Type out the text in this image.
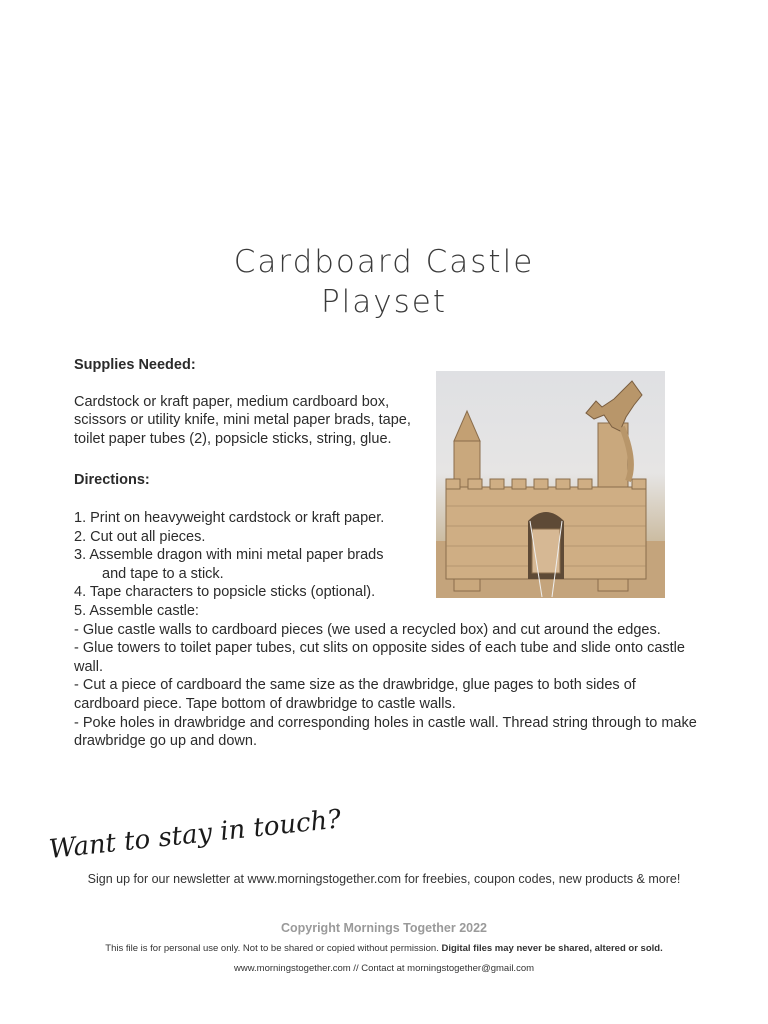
Cardboard Castle
Playset

Supplies Needed:

Cardstock or kraft paper, medium cardboard box, scissors or utility knife, mini metal paper brads, tape, toilet paper tubes (2), popsicle sticks, string, glue.

Directions:

1. Print on heavyweight cardstock or kraft paper.
2. Cut out all pieces.
3. Assemble dragon with mini metal paper brads
and tape to a stick.
4. Tape characters to popsicle sticks (optional).
5. Assemble castle:
- Glue castle walls to cardboard pieces (we used a recycled box) and cut around the edges.
- Glue towers to toilet paper tubes, cut slits on opposite sides of each tube and slide onto castle wall.
- Cut a piece of cardboard the same size as the drawbridge, glue pages to both sides of cardboard piece. Tape bottom of drawbridge to castle walls.
- Poke holes in drawbridge and corresponding holes in castle wall. Thread string through to make drawbridge go up and down.
Want to stay in touch?
Sign up for our newsletter at www.morningstogether.com for freebies, coupon codes, new products & more!
Copyright Mornings Together 2022
This file is for personal use only. Not to be shared or copied without permission. Digital files may never be shared, altered or sold.
www.morningstogether.com // Contact at morningstogether@gmail.com
